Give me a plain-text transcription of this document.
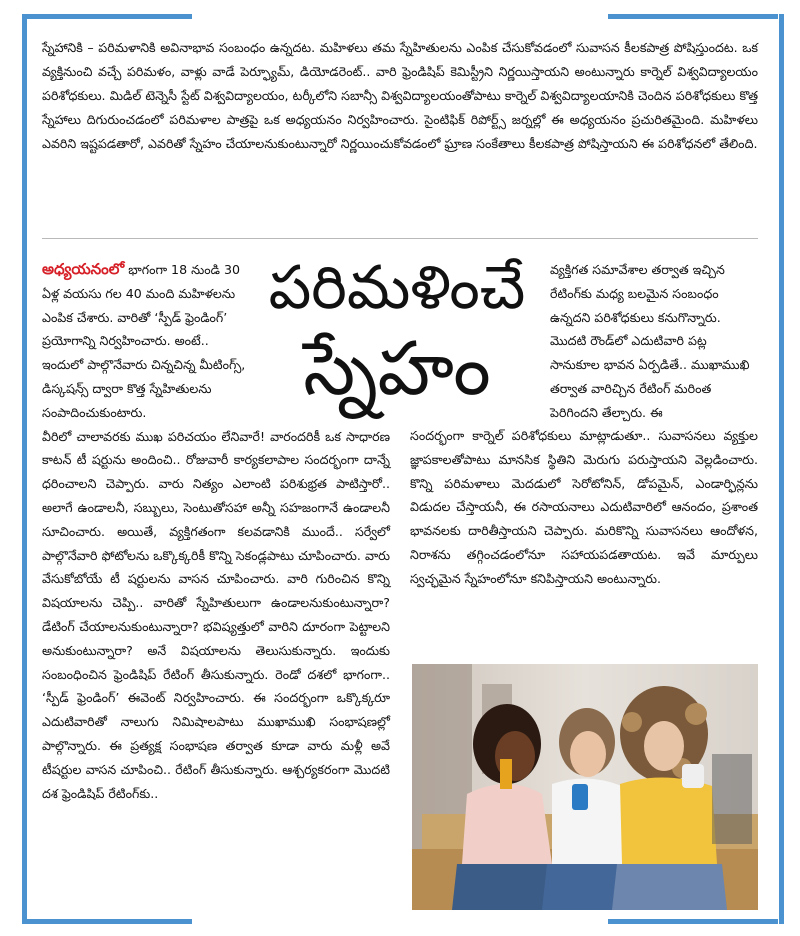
స్నేహానికి – పరిమళానికి అవినాభావ సంబంధం ఉన్నదట. మహిళలు తమ స్నేహితులను ఎంపిక చేసుకోవడంలో సువాసన కీలకపాత్ర పోషిస్తుందట. ఒక వ్యక్తినుంచి వచ్చే పరిమళం, వాళ్లు వాడే పెర్ఫ్యూమ్, డియోడరెంట్.. వారి ఫ్రెండిషిప్ కెమిస్ట్రీని నిర్ణయిస్తాయని అంటున్నారు కార్నెల్ విశ్వవిద్యాలయం పరిశోధకులు. మిడిల్ టెన్నెసీ స్టేట్ విశ్వవిద్యాలయం, టర్కీలోని సబాన్సీ విశ్వవిద్యాలయంతోపాటు కార్నెల్ విశ్వవిద్యాలయానికి చెందిన పరిశోధకులు కొత్త స్నేహాలు దిగురుంచడంలో పరిమళాల పాత్రపై ఒక అధ్యయనం నిర్వహించారు. సైంటిఫిక్ రిపోర్ట్స్ జర్నల్లో ఈ అధ్యయనం ప్రచురితమైంది. మహిళలు ఎవరిని ఇష్టపడతారో, ఎవరితో స్నేహం చేయాలనుకుంటున్నారో నిర్ణయించుకోవడంలో ఘ్రాణ సంకేతాలు కీలకపాత్ర పోషిస్తాయని ఈ పరిశోధనలో తేలింది.
పరిమళించే
స్నేహం

అధ్యయనంలో భాగంగా 18 నుండి 30 ఏళ్ల వయసు గల 40 మంది మహిళలను ఎంపిక చేశారు. వారితో ‘స్పీడ్ ఫ్రెండింగ్’ ప్రయోగాన్ని నిర్వహించారు. అంటే.. ఇందులో పాల్గొనేవారు చిన్నచిన్న మీటింగ్స్, డిస్కషన్స్ ద్వారా కొత్త స్నేహితులను సంపాదించుకుంటారు.

వీరిలో చాలావరకు ముఖ పరిచయం లేనివారే! వారందరికీ ఒక సాధారణ కాటన్ టీ షర్టును అందించి.. రోజువారీ కార్యకలాపాల సందర్భంగా దాన్నే ధరించాలని చెప్పారు. వారు నిత్యం ఎలాంటి పరిశుభ్రత పాటిస్తారో.. అలాగే ఉండాలనీ, సబ్బులు, సెంటుతోసహా అన్నీ సహజంగానే ఉండాలనీ సూచించారు. అయితే, వ్యక్తిగతంగా కలవడానికి ముందే.. సర్వేలో పాల్గొనేవారి ఫోటోలను ఒక్కొక్కరికీ కొన్ని సెకండ్లపాటు చూపించారు. వారు వేసుకోబోయే టీ షర్టులను వాసన చూపించారు. వారి గురించిన కొన్ని విషయాలను చెప్పి.. వారితో స్నేహితులుగా ఉండాలనుకుంటున్నారా? డేటింగ్ చేయాలనుకుంటున్నారా? భవిష్యత్తులో వారిని దూరంగా పెట్టాలని అనుకుంటున్నారా? అనే విషయాలను తెలుసుకున్నారు. ఇందుకు సంబంధించిన ఫ్రెండిషిప్ రేటింగ్ తీసుకున్నారు. రెండో దశలో భాగంగా.. ‘స్పీడ్ ఫ్రెండింగ్’ ఈవెంట్ నిర్వహించారు. ఈ సందర్భంగా ఒక్కొక్కరూ ఎదుటివారితో నాలుగు నిమిషాలపాటు ముఖాముఖి సంభాషణల్లో పాల్గొన్నారు. ఈ ప్రత్యక్ష సంభాషణ తర్వాత కూడా వారు మళ్లీ అవే టీషర్టుల వాసన చూపించి.. రేటింగ్ తీసుకున్నారు. ఆశ్చర్యకరంగా మొదటి దశ ఫ్రెండిషిప్ రేటింగ్‌కు..

వ్యక్తిగత సమావేశాల తర్వాత ఇచ్చిన రేటింగ్‌కు మధ్య బలమైన సంబంధం ఉన్నదని పరిశోధకులు కనుగొన్నారు. మొదటి రౌండ్‌లో ఎదుటివారి పట్ల సానుకూల భావన ఏర్పడితే.. ముఖాముఖి తర్వాత వారిచ్చిన రేటింగ్ మరింత పెరిగిందని తేల్చారు. ఈ
సందర్భంగా కార్నెల్ పరిశోధకులు మాట్లాడుతూ.. సువాసనలు వ్యక్తుల జ్ఞాపకాలతోపాటు మానసిక స్థితిని మెరుగు పరుస్తాయని వెల్లడించారు. కొన్ని పరిమళాలు మెదడులో సెరోటోనిన్, డోపమైన్, ఎండార్ఫిన్లను విడుదల చేస్తాయనీ, ఈ రసాయనాలు ఎదుటివారిలో ఆనందం, ప్రశాంత భావనలకు దారితీస్తాయని చెప్పారు. మరికొన్ని సువాసనలు ఆందోళన, నిరాశను తగ్గించడంలోనూ సహాయపడతాయట. ఇవే మార్పులు స్వచ్ఛమైన స్నేహంలోనూ కనిపిస్తాయని అంటున్నారు.
